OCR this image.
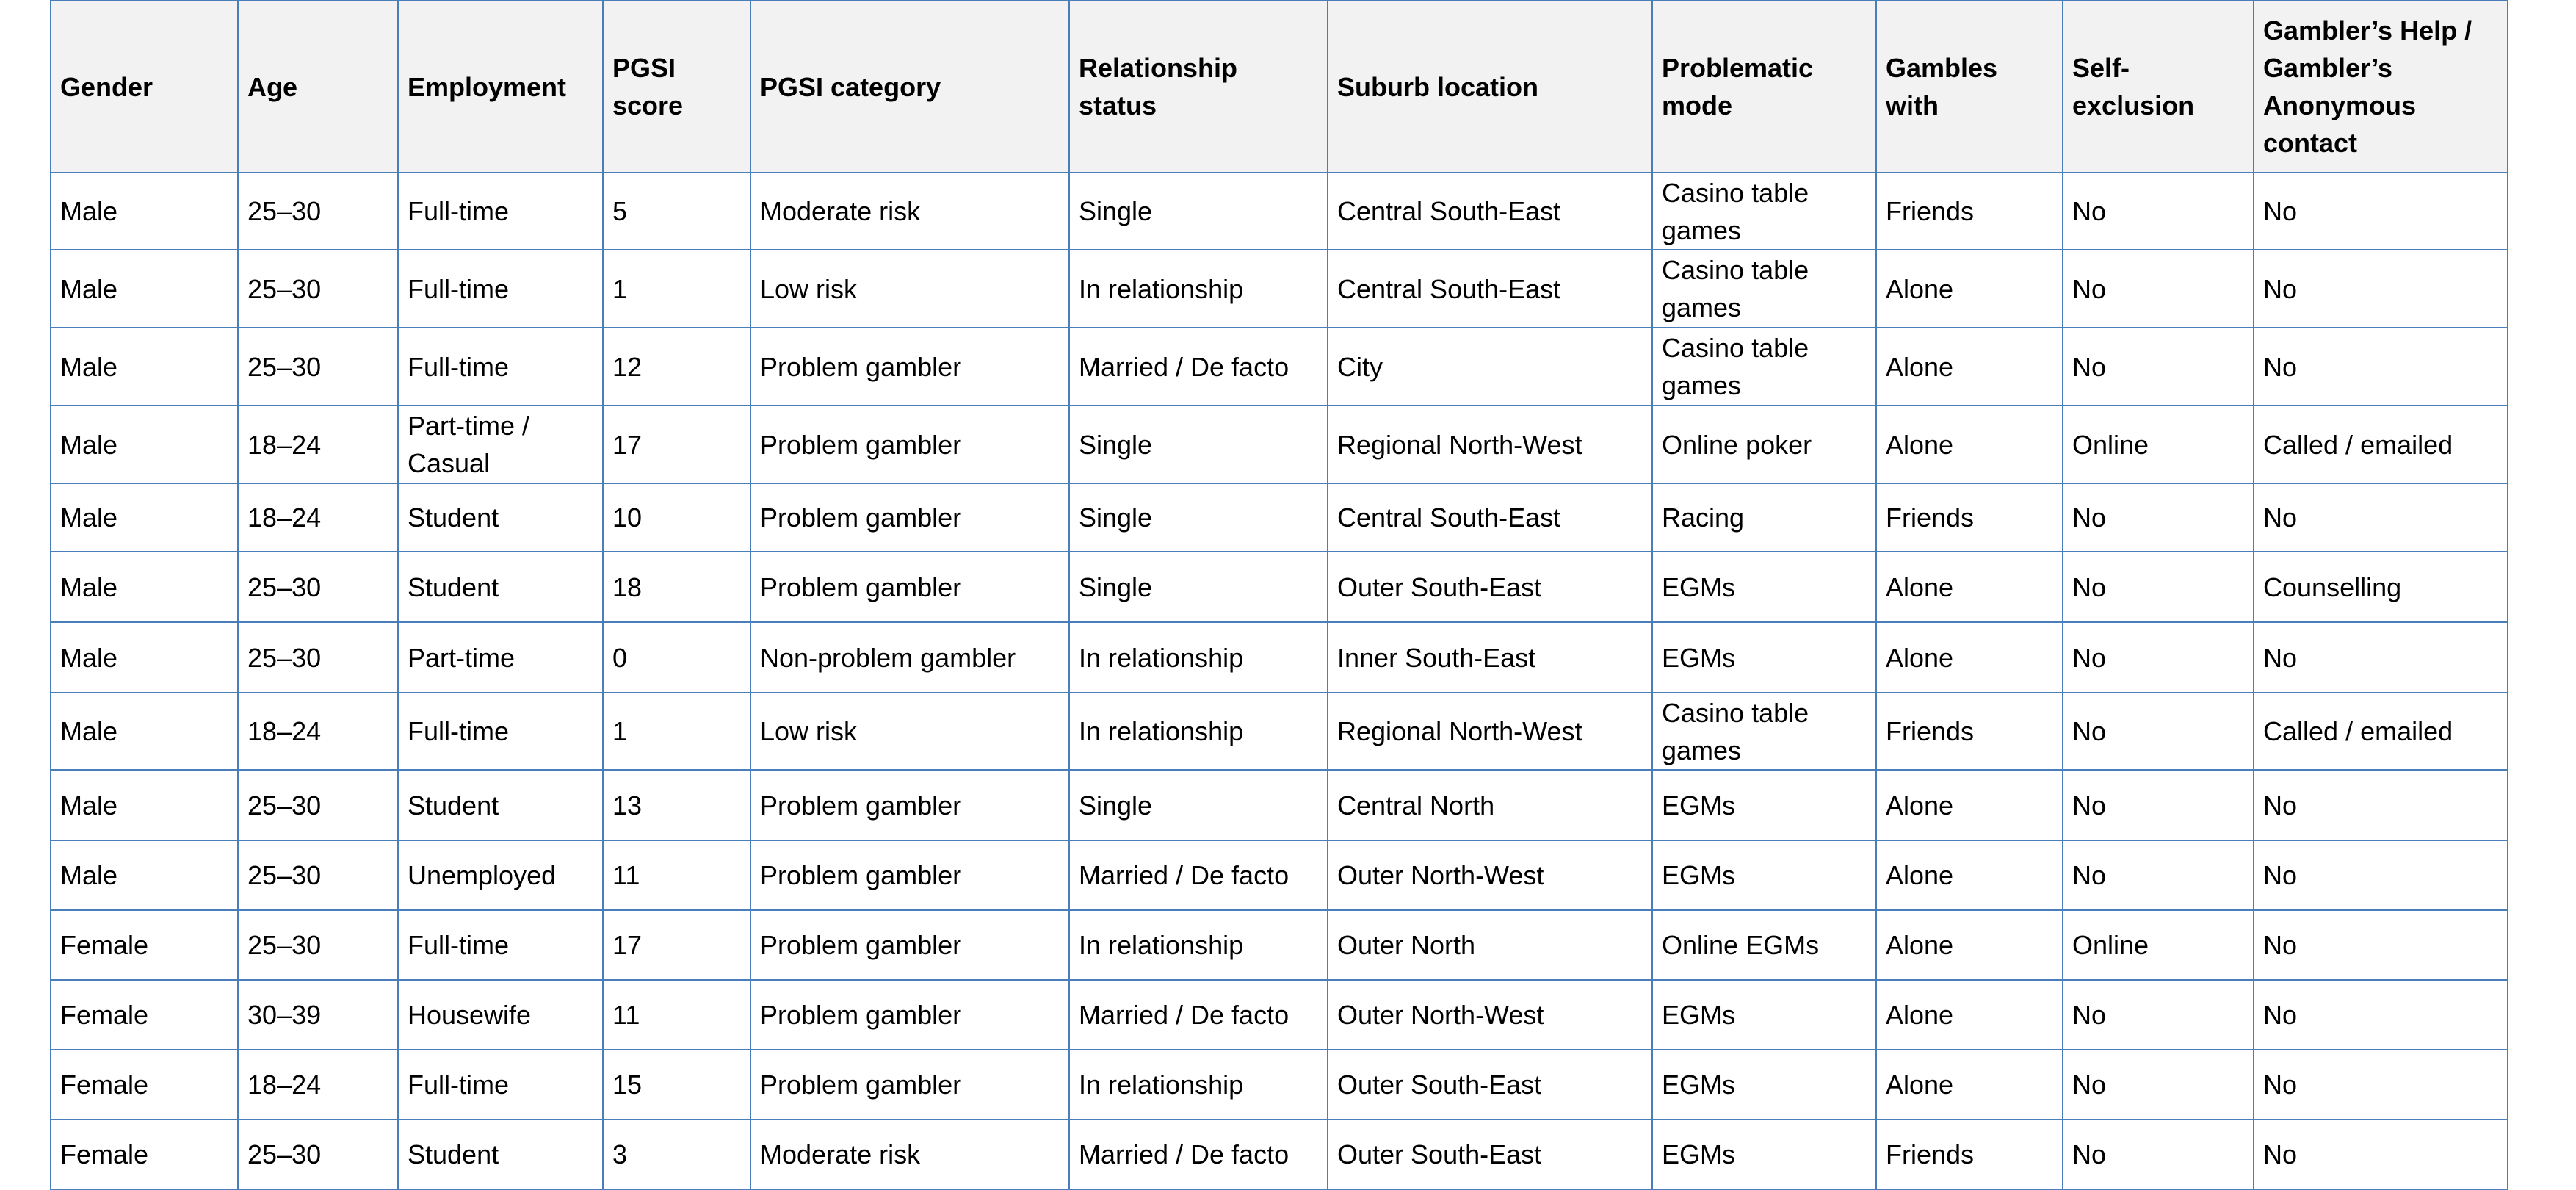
Gender	Age	Employment	PGSI score	PGSI category	Relationship status	Suburb location	Problematic mode	Gambles with	Self-exclusion	Gambler’s Help / Gambler’s Anonymous contact
Male	25–30	Full-time	5	Moderate risk	Single	Central South-East	Casino table games	Friends	No	No
Male	25–30	Full-time	1	Low risk	In relationship	Central South-East	Casino table games	Alone	No	No
Male	25–30	Full-time	12	Problem gambler	Married / De facto	City	Casino table games	Alone	No	No
Male	18–24	Part-time / Casual	17	Problem gambler	Single	Regional North-West	Online poker	Alone	Online	Called / emailed
Male	18–24	Student	10	Problem gambler	Single	Central South-East	Racing	Friends	No	No
Male	25–30	Student	18	Problem gambler	Single	Outer South-East	EGMs	Alone	No	Counselling
Male	25–30	Part-time	0	Non-problem gambler	In relationship	Inner South-East	EGMs	Alone	No	No
Male	18–24	Full-time	1	Low risk	In relationship	Regional North-West	Casino table games	Friends	No	Called / emailed
Male	25–30	Student	13	Problem gambler	Single	Central North	EGMs	Alone	No	No
Male	25–30	Unemployed	11	Problem gambler	Married / De facto	Outer North-West	EGMs	Alone	No	No
Female	25–30	Full-time	17	Problem gambler	In relationship	Outer North	Online EGMs	Alone	Online	No
Female	30–39	Housewife	11	Problem gambler	Married / De facto	Outer North-West	EGMs	Alone	No	No
Female	18–24	Full-time	15	Problem gambler	In relationship	Outer South-East	EGMs	Alone	No	No
Female	25–30	Student	3	Moderate risk	Married / De facto	Outer South-East	EGMs	Friends	No	No
